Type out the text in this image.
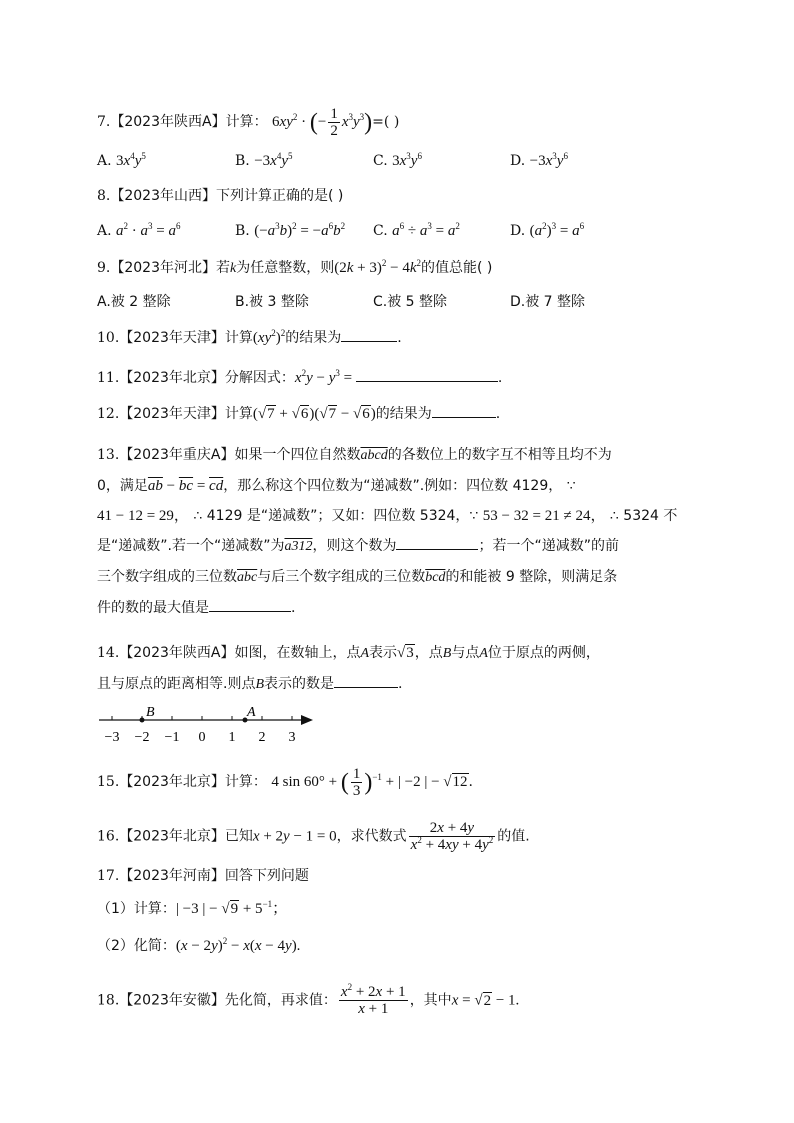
7.【2023年陕西A】计算： $6xy^2$ · (− $\frac{1}{2} x^3y^3)=$( )
A. $3x^4y^5$	B. $-3x^4y^5$	C. $3x^3y^6$	D. $-3x^3y^6$
8.【2023年山西】下列计算正确的是( )
A. $a^2 \cdot a^3 = a^6$	B. $(-a^3b)^2 = -a^6b^2$ C. $a^6 \div a^3 = a^2$	D. $(a^2)^3 = a^6$
9.【2023年河北】若k为任意整数，则$(2k + 3)^2 - 4k^2$的值总能( )
A.被 2 整除	B.被 3 整除	C.被 5 整除	D.被 7 整除
10.【2023年天津】计算$(xy^2)^2$的结果为	.
11.【2023年北京】分解因式：$x^2y - y^3$ =	.
12.【2023年天津】计算(√7 + √6)(√7 − √6)的结果为	.
13.【2023年重庆A】如果一个四位自然数abcd的各数位上的数字互不相等且均不为
0，满足$\overline{ab} - \overline{bc} = \overline{cd}$，那么称这个四位数为“递减数”.例如：四位数 4129， ∵
41 − 12 = 29， ∴ 4129 是“递减数”；又如：四位数 5324，∵ 53 − 32 = 21 ≠ 24， ∴ 5324 不
是“递减数”.若一个“递减数”为a312，则这个数为	；若一个“递减数”的前
三个数字组成的三位数$\overline{abc}$与后三个数字组成的三位数$\overline{bcd}$的和能被 9 整除，则满足条
件的数的最大值是	.
14.【2023年陕西A】如图，在数轴上，点A表示√3，点B与点A位于原点的两侧，
且与原点的距离相等.则点B表示的数是	.
−3 −2 −1 0 1 2 3
B	A
15.【2023年北京】计算： 4 sin 60° + ( $\frac{1}{3} )^{-1}$ + | −2 | − √12.
16.【2023年北京】已知x + 2y − 1 = 0，求代数式 $\frac{2x + 4y}{x^2 + 4xy + 4y^2}$ 的值.
17.【2023年河南】回答下列问题
（1）计算：| −3 | − $√9 + 5^{-1}$；
（2）化简：$(x - 2y)^2 - x(x - 4y)$.
18.【2023年安徽】先化简，再求值： $\frac{x^2 + 2x + 1}{x + 1}$ ，其中x = √2 − 1.
